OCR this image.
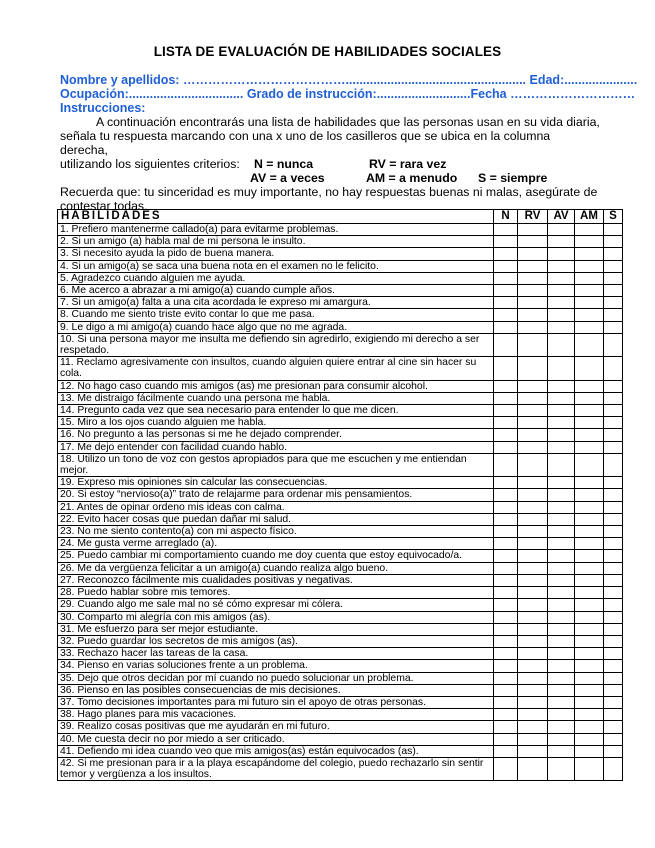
LISTA DE EVALUACIÓN DE HABILIDADES SOCIALES
Nombre y apellidos: ………………………………….................................................... Edad:.....................
Ocupación:................................. Grado de instrucción:...........................Fecha …………………………
Instrucciones:
A continuación encontrarás una lista de habilidades que las personas usan en su vida diaria,
señala tu respuesta marcando con una x uno de los casilleros que se ubica en la columna derecha,
utilizando los siguientes criterios: N = nunca	RV = rara vez
AV = a veces	AM = a menudo S = siempre
Recuerda que: tu sinceridad es muy importante, no hay respuestas buenas ni malas, asegúrate de
contestar todas.
HABILIDADES	N	RV	AV	AM	S
1. Prefiero mantenerme callado(a) para evitarme problemas.					
2. Si un amigo (a) habla mal de mi persona le insulto.					
3. Si necesito ayuda la pido de buena manera.					
4. Si un amigo(a) se saca una buena nota en el examen no le felicito.					
5. Agradezco cuando alguien me ayuda.					
6. Me acerco a abrazar a mi amigo(a) cuando cumple años.					
7. Si un amigo(a) falta a una cita acordada le expreso mi amargura.					
8. Cuando me siento triste evito contar lo que me pasa.					
9. Le digo a mi amigo(a) cuando hace algo que no me agrada.					
10. Si una persona mayor me insulta me defiendo sin agredirlo, exigiendo mi derecho a ser respetado.					
11. Reclamo agresivamente con insultos, cuando alguien quiere entrar al cine sin hacer su cola.					
12. No hago caso cuando mis amigos (as) me presionan para consumir alcohol.					
13. Me distraigo fácilmente cuando una persona me habla.					
14. Pregunto cada vez que sea necesario para entender lo que me dicen.					
15. Miro a los ojos cuando alguien me habla.					
16. No pregunto a las personas si me he dejado comprender.					
17. Me dejo entender con facilidad cuando hablo.					
18. Utilizo un tono de voz con gestos apropiados para que me escuchen y me entiendan mejor.					
19. Expreso mis opiniones sin calcular las consecuencias.					
20. Si estoy “nervioso(a)” trato de relajarme para ordenar mis pensamientos.					
21. Antes de opinar ordeno mis ideas con calma.					
22. Evito hacer cosas que puedan dañar mi salud.					
23. No me siento contento(a) con mi aspecto físico.					
24. Me gusta verme arreglado (a).					
25. Puedo cambiar mi comportamiento cuando me doy cuenta que estoy equivocado/a.					
26. Me da vergüenza felicitar a un amigo(a) cuando realiza algo bueno.					
27. Reconozco fácilmente mis cualidades positivas y negativas.					
28. Puedo hablar sobre mis temores.					
29. Cuando algo me sale mal no sé cómo expresar mi cólera.					
30. Comparto mi alegría con mis amigos (as).					
31. Me esfuerzo para ser mejor estudiante.					
32. Puedo guardar los secretos de mis amigos (as).					
33. Rechazo hacer las tareas de la casa.					
34. Pienso en varias soluciones frente a un problema.					
35. Dejo que otros decidan por mí cuando no puedo solucionar un problema.					
36. Pienso en las posibles consecuencias de mis decisiones.					
37. Tomo decisiones importantes para mi futuro sin el apoyo de otras personas.					
38. Hago planes para mis vacaciones.					
39. Realizo cosas positivas que me ayudarán en mi futuro.					
40. Me cuesta decir no por miedo a ser criticado.					
41. Defiendo mi idea cuando veo que mis amigos(as) están equivocados (as).					
42. Si me presionan para ir a la playa escapándome del colegio, puedo rechazarlo sin sentir temor y vergüenza a los insultos.					
